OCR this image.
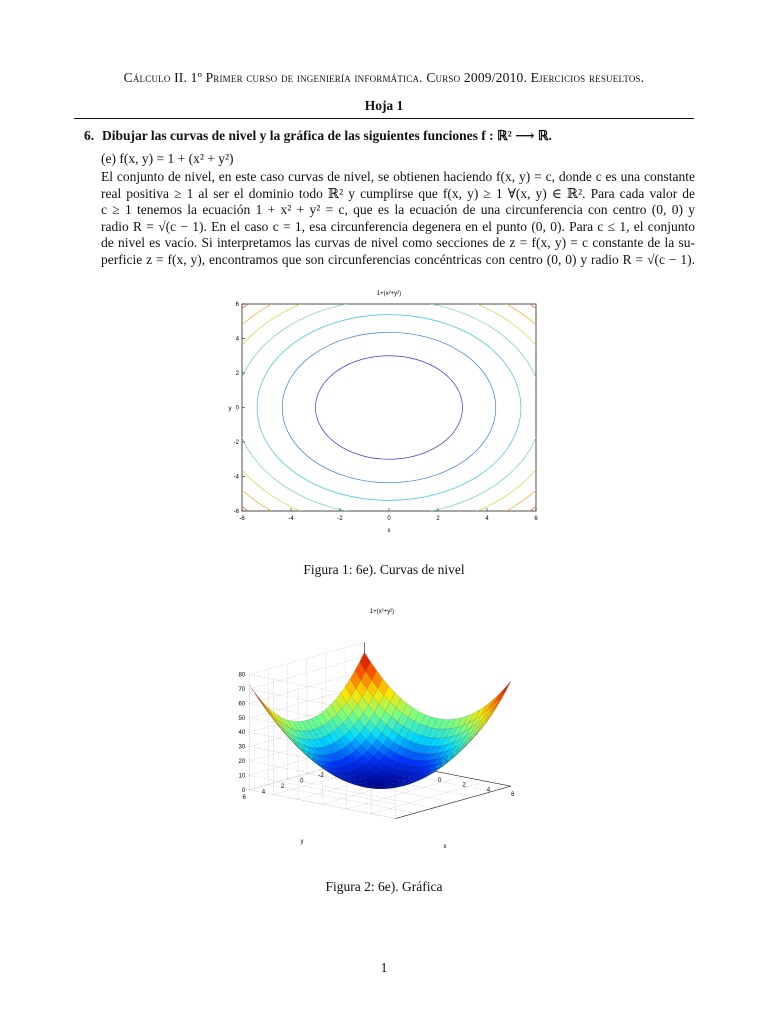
Cálculo II. 1º Primer curso de ingeniería informática. Curso 2009/2010. Ejercicios resueltos.
Hoja 1
6. Dibujar las curvas de nivel y la gráfica de las siguientes funciones f : ℝ² ⟶ ℝ.
(e) f(x, y) = 1 + (x² + y²)

El conjunto de nivel, en este caso curvas de nivel, se obtienen haciendo f(x, y) = c, donde c es una constante

real positiva ≥ 1 al ser el dominio todo ℝ² y cumplirse que f(x, y) ≥ 1 ∀(x, y) ∈ ℝ². Para cada valor de

c ≥ 1 tenemos la ecuación 1 + x² + y² = c, que es la ecuación de una circunferencia con centro (0, 0) y

radio R = √(c − 1). En el caso c = 1, esa circunferencia degenera en el punto (0, 0). Para c ≤ 1, el conjunto

de nivel es vacío. Si interpretamos las curvas de nivel como secciones de z = f(x, y) = c constante de la su-

perficie z = f(x, y), encontramos que son circunferencias concéntricas con centro (0, 0) y radio R = √(c − 1).

1+(x²+y²)
-6	-4	-2	0	2	4	6
-6
-4
-2
0
2
4
6
x
y
Figura 1: 6e). Curvas de nivel
1+(x²+y²)
0
10
20
30
40
50
60
70
80
0
2
4
6
-2
0
2
4
6
x
y
Figura 2: 6e). Gráfica
1
